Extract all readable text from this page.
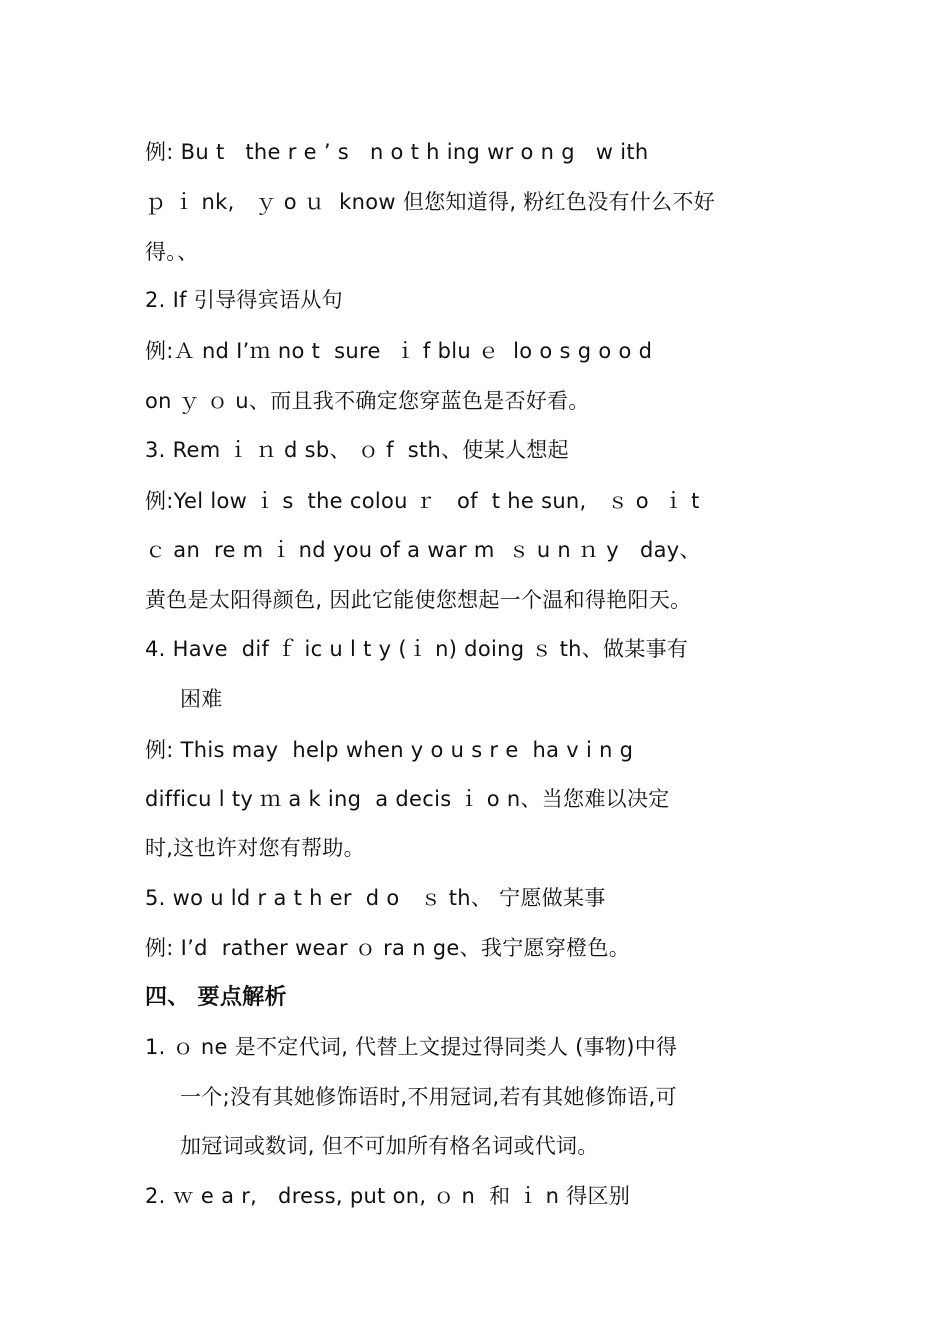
例: Bu t   the r e ’ s   n o t h ing wr o n g   w ith
ｐ ｉ nk,   ｙ o ｕ  know 但您知道得, 粉红色没有什么不好
得。、
2. If 引导得宾语从句
例:Ａ nd I’ｍ no t  sure  ｉ f blu ｅ  lo o s g o o d
on ｙ ｏ u、而且我不确定您穿蓝色是否好看。
3. Rem ｉ ｎ d sb、 ｏ f  sth、使某人想起
例:Yel low ｉ s  the colou ｒ   of  t he sun,   ｓ o  ｉ t
ｃ an  re m ｉ nd you of a war m  ｓ u n ｎ y   day、
黄色是太阳得颜色, 因此它能使您想起一个温和得艳阳天。
4. Have  dif ｆ ic u l t y (ｉ n) doing ｓ th、做某事有
困难
例: This may  help when y o u s r e  ha v i n g
difficu l ty ｍ a k ing  a decis ｉ o n、当您难以决定
时,这也许对您有帮助。
5. wo u ld r a t h er  d o   ｓ th、 宁愿做某事
例: I’d  rather wear ｏ ra n ge、我宁愿穿橙色。
四、 要点解析
1. ｏ ne 是不定代词, 代替上文提过得同类人 (事物)中得
一个;没有其她修饰语时,不用冠词,若有其她修饰语,可
加冠词或数词, 但不可加所有格名词或代词。
2. ｗ e a r,   dress, put on, ｏ n  和 ｉ n 得区别
